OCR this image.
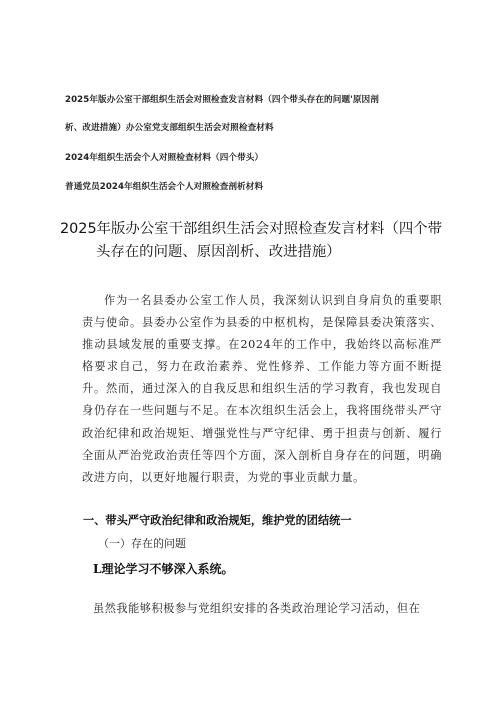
2025年版办公室干部组织生活会对照检查发言材料（四个带头存在的问题'原因剖
析、改进措施）办公室党支部组织生活会对照检查材料
2024年组织生活会个人对照检查材料（四个带头）
普通党员2024年组织生活会个人对照检查剖析材料
2025年版办公室干部组织生活会对照检查发言材料（四个带
头存在的问题、原因剖析、改进措施）
作为一名县委办公室工作人员，我深刻认识到自身肩负的重要职责与使命。县委办公室作为县委的中枢机构，是保障县委决策落实、推动县域发展的重要支撑。在2024年的工作中，我始终以高标准严格要求自己，努力在政治素养、党性修养、工作能力等方面不断提升。然而，通过深入的自我反思和组织生活的学习教育，我也发现自身仍存在一些问题与不足。在本次组织生活会上，我将围绕带头严守政治纪律和政治规矩、增强党性与严守纪律、勇于担责与创新、履行全面从严治党政治责任等四个方面，深入剖析自身存在的问题，明确改进方向，以更好地履行职责，为党的事业贡献力量。
一、带头严守政治纪律和政治规矩，维护党的团结统一
（一）存在的问题
L理论学习不够深入系统。
虽然我能够积极参与党组织安排的各类政治理论学习活动，但在
